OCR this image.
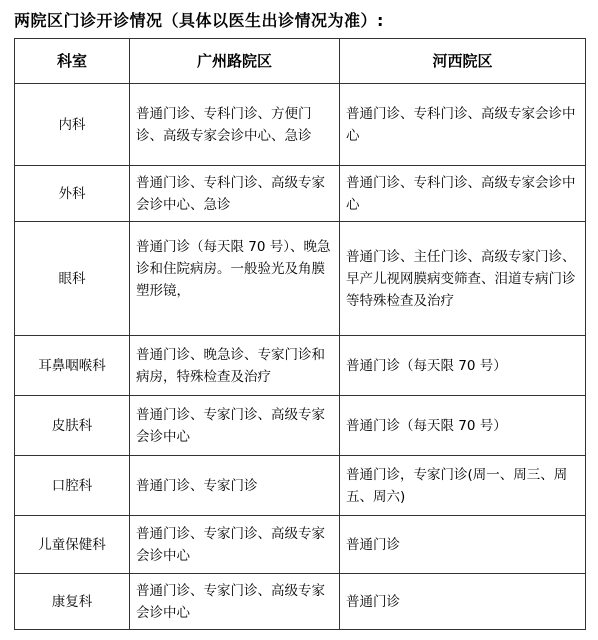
两院区门诊开诊情况（具体以医生出诊情况为准）:
科室	广州路院区	河西院区
内科	普通门诊、专科门诊、方便门诊、高级专家会诊中心、急诊	普通门诊、专科门诊、高级专家会诊中心
外科	普通门诊、专科门诊、高级专家会诊中心、急诊	普通门诊、专科门诊、高级专家会诊中心
眼科	普通门诊（每天限 70 号）、晚急诊和住院病房。一般验光及角膜塑形镜，	普通门诊、主任门诊、高级专家门诊、早产儿视网膜病变筛查、泪道专病门诊等特殊检查及治疗
耳鼻咽喉科	普通门诊、晚急诊、专家门诊和病房，特殊检查及治疗	普通门诊（每天限 70 号）
皮肤科	普通门诊、专家门诊、高级专家会诊中心	普通门诊（每天限 70 号）
口腔科	普通门诊、专家门诊	普通门诊，专家门诊(周一、周三、周五、周六)
儿童保健科	普通门诊、专家门诊、高级专家会诊中心	普通门诊
康复科	普通门诊、专家门诊、高级专家会诊中心	普通门诊
